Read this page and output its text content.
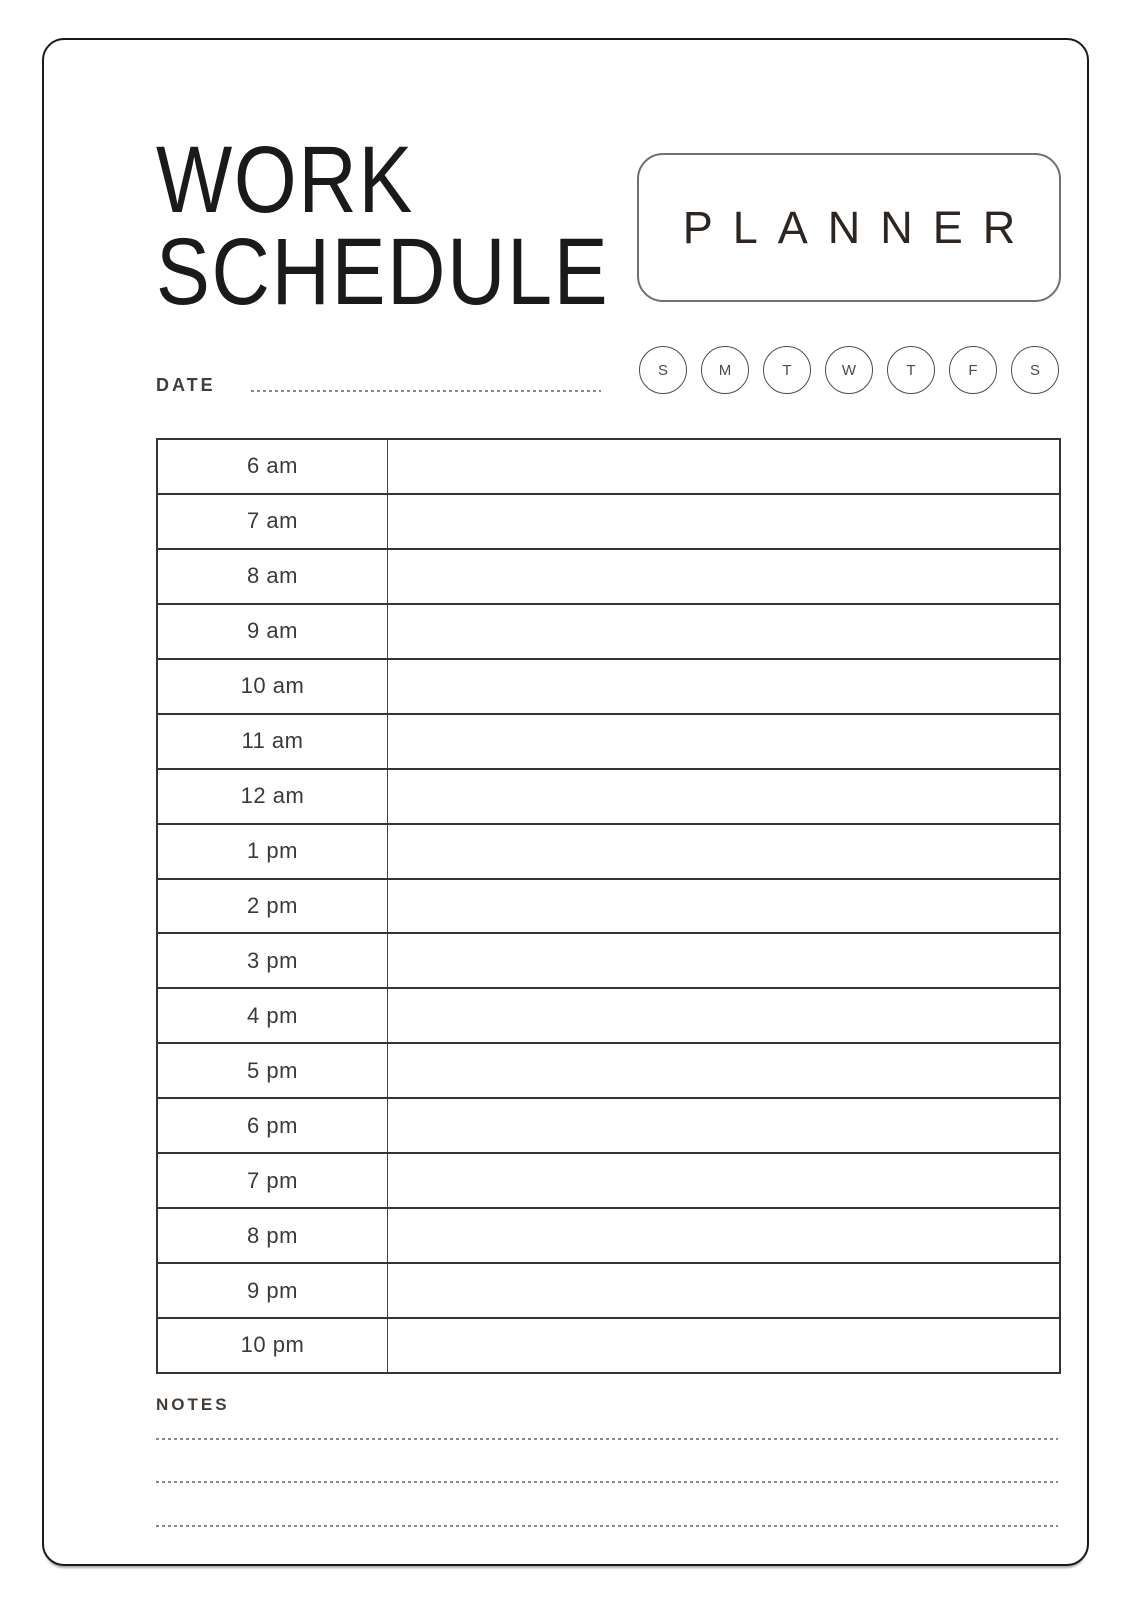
WORK
SCHEDULE PLANNER
S	M	T	W	T	F	S
DATE
6 am
7 am
8 am
9 am
10 am
11 am
12 am
1 pm
2 pm
3 pm
4 pm
5 pm
6 pm
7 pm
8 pm
9 pm
10 pm
NOTES
